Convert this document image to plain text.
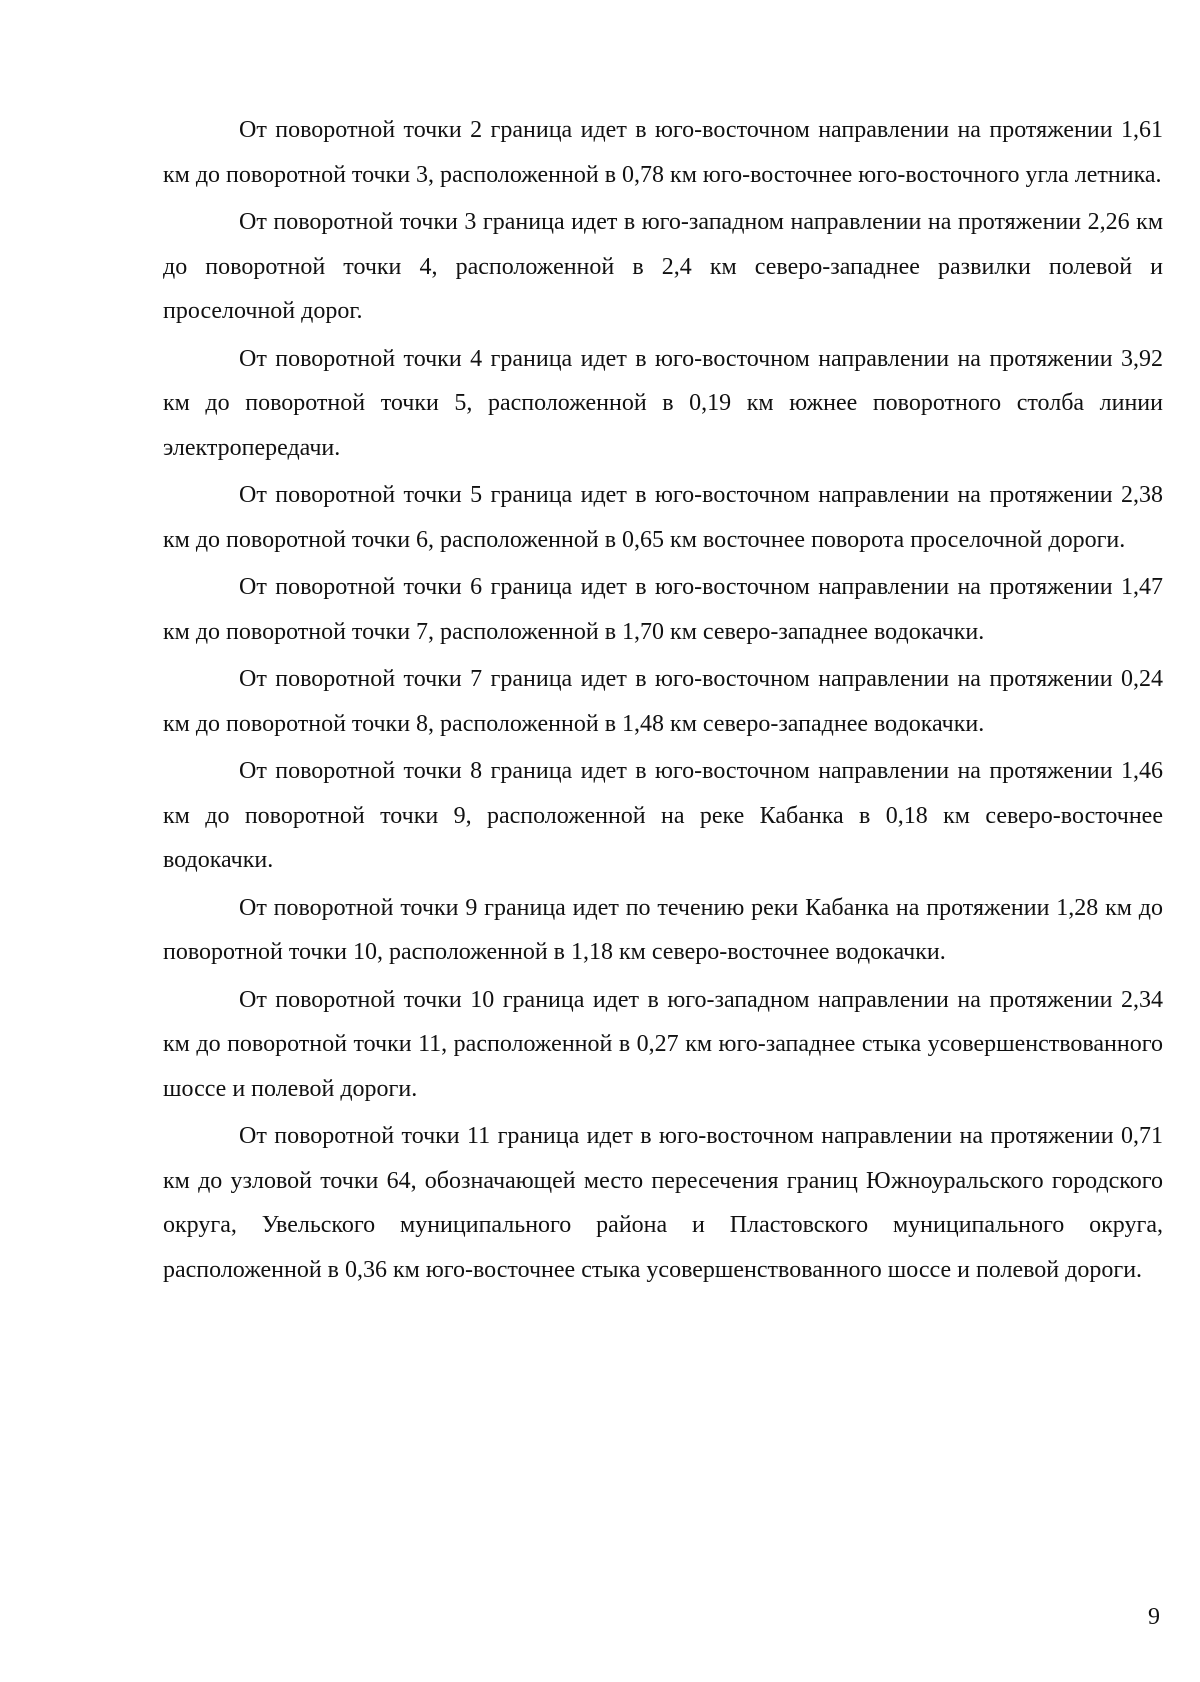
От поворотной точки 2 граница идет в юго-восточном направлении на протяжении 1,61 км до поворотной точки 3, расположенной в 0,78 км юго-восточнее юго-восточного угла летника.

От поворотной точки 3 граница идет в юго-западном направлении на протяжении 2,26 км до поворотной точки 4, расположенной в 2,4 км северо-западнее развилки полевой и проселочной дорог.

От поворотной точки 4 граница идет в юго-восточном направлении на протяжении 3,92 км до поворотной точки 5, расположенной в 0,19 км южнее поворотного столба линии электропередачи.

От поворотной точки 5 граница идет в юго-восточном направлении на протяжении 2,38 км до поворотной точки 6, расположенной в 0,65 км восточнее поворота проселочной дороги.

От поворотной точки 6 граница идет в юго-восточном направлении на протяжении 1,47 км до поворотной точки 7, расположенной в 1,70 км северо-западнее водокачки.

От поворотной точки 7 граница идет в юго-восточном направлении на протяжении 0,24 км до поворотной точки 8, расположенной в 1,48 км северо-западнее водокачки.

От поворотной точки 8 граница идет в юго-восточном направлении на протяжении 1,46 км до поворотной точки 9, расположенной на реке Кабанка в 0,18 км северо-восточнее водокачки.

От поворотной точки 9 граница идет по течению реки Кабанка на протяжении 1,28 км до поворотной точки 10, расположенной в 1,18 км северо-восточнее водокачки.

От поворотной точки 10 граница идет в юго-западном направлении на протяжении 2,34 км до поворотной точки 11, расположенной в 0,27 км юго-западнее стыка усовершенствованного шоссе и полевой дороги.

От поворотной точки 11 граница идет в юго-восточном направлении на протяжении 0,71 км до узловой точки 64, обозначающей место пересечения границ Южноуральского городского округа, Увельского муниципального района и Пластовского муниципального округа, расположенной в 0,36 км юго-восточнее стыка усовершенствованного шоссе и полевой дороги.

9
